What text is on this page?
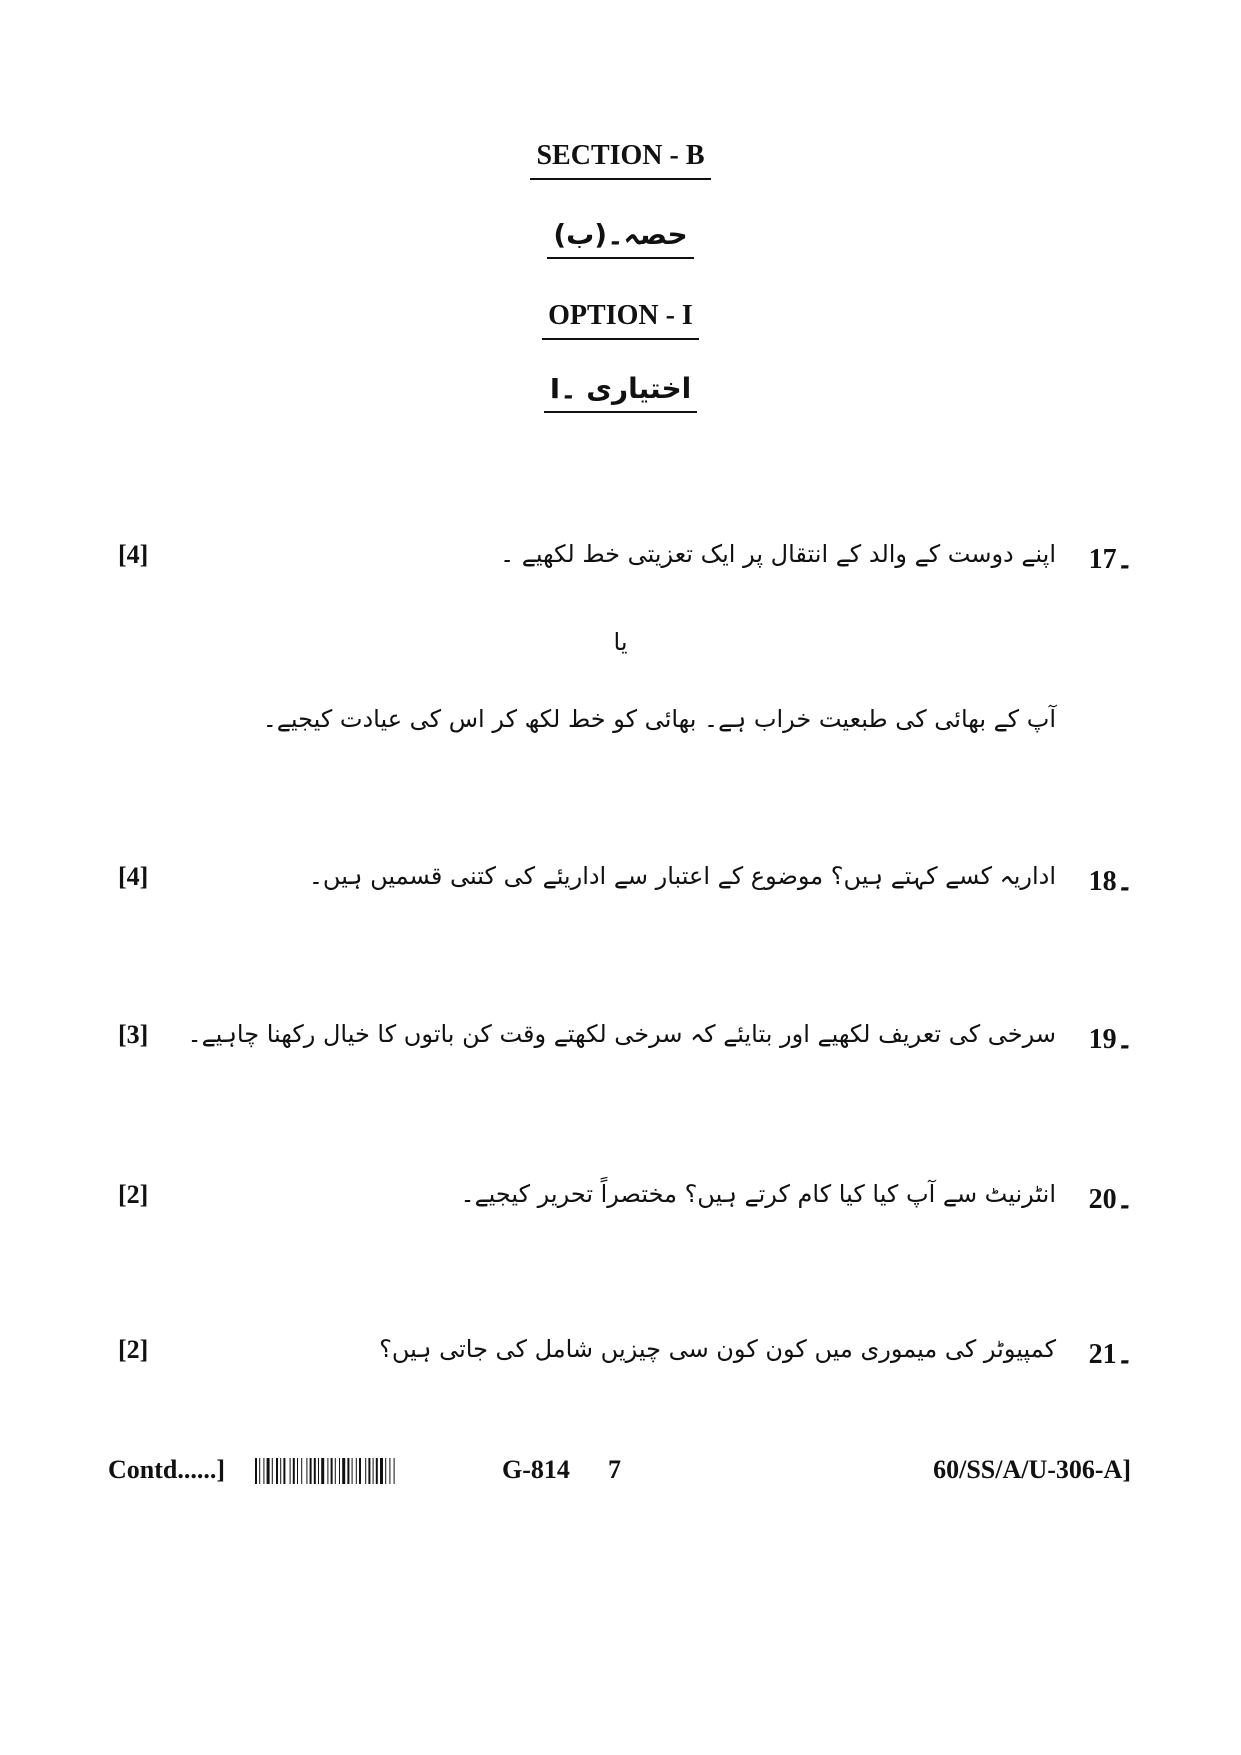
SECTION - B
حصہ۔(ب)
OPTION - I
اختیاری ۔I
[4]	اپنے دوست کے والد کے انتقال پر ایک تعزیتی خط لکھیے ۔ 17۔
یا
آپ کے بھائی کی طبعیت خراب ہے۔ بھائی کو خط لکھ کر اس کی عیادت کیجیے۔
[4]	اداریہ کسے کہتے ہیں؟ موضوع کے اعتبار سے اداریئے کی کتنی قسمیں ہیں۔ 18۔
[3] سرخی کی تعریف لکھیے اور بتایئے کہ سرخی لکھتے وقت کن باتوں کا خیال رکھنا چاہیے۔ 19۔
[2]	انٹرنیٹ سے آپ کیا کیا کام کرتے ہیں؟ مختصراً تحریر کیجیے۔ 20۔
[2]	کمپیوٹر کی میموری میں کون کون سی چیزیں شامل کی جاتی ہیں؟ 21۔
Contd......]	G-814 7	60/SS/A/U-306-A]
